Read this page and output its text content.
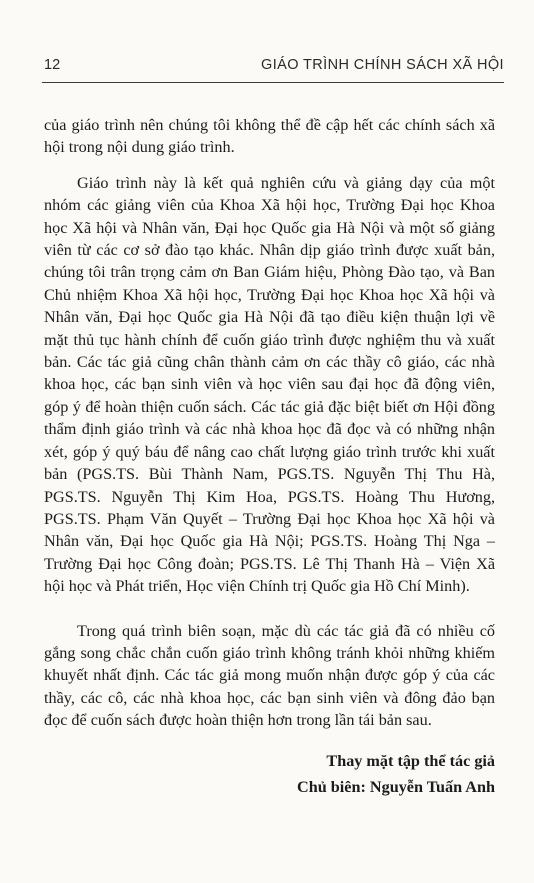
12	GIÁO TRÌNH CHÍNH SÁCH XÃ HỘI

của giáo trình nên chúng tôi không thể đề cập hết các chính sách xã hội trong nội dung giáo trình.

Giáo trình này là kết quả nghiên cứu và giảng dạy của một nhóm các giảng viên của Khoa Xã hội học, Trường Đại học Khoa học Xã hội và Nhân văn, Đại học Quốc gia Hà Nội và một số giảng viên từ các cơ sở đào tạo khác. Nhân dịp giáo trình được xuất bản, chúng tôi trân trọng cảm ơn Ban Giám hiệu, Phòng Đào tạo, và Ban Chủ nhiệm Khoa Xã hội học, Trường Đại học Khoa học Xã hội và Nhân văn, Đại học Quốc gia Hà Nội đã tạo điều kiện thuận lợi về mặt thủ tục hành chính để cuốn giáo trình được nghiệm thu và xuất bản. Các tác giả cũng chân thành cảm ơn các thầy cô giáo, các nhà khoa học, các bạn sinh viên và học viên sau đại học đã động viên, góp ý để hoàn thiện cuốn sách. Các tác giả đặc biệt biết ơn Hội đồng thẩm định giáo trình và các nhà khoa học đã đọc và có những nhận xét, góp ý quý báu để nâng cao chất lượng giáo trình trước khi xuất bản (PGS.TS. Bùi Thành Nam, PGS.TS. Nguyễn Thị Thu Hà, PGS.TS. Nguyễn Thị Kim Hoa, PGS.TS. Hoàng Thu Hương, PGS.TS. Phạm Văn Quyết – Trường Đại học Khoa học Xã hội và Nhân văn, Đại học Quốc gia Hà Nội; PGS.TS. Hoàng Thị Nga – Trường Đại học Công đoàn; PGS.TS. Lê Thị Thanh Hà – Viện Xã hội học và Phát triển, Học viện Chính trị Quốc gia Hồ Chí Minh).

Trong quá trình biên soạn, mặc dù các tác giả đã có nhiều cố gắng song chắc chắn cuốn giáo trình không tránh khỏi những khiếm khuyết nhất định. Các tác giả mong muốn nhận được góp ý của các thầy, các cô, các nhà khoa học, các bạn sinh viên và đông đảo bạn đọc để cuốn sách được hoàn thiện hơn trong lần tái bản sau.

Thay mặt tập thể tác giả
Chủ biên: Nguyễn Tuấn Anh
